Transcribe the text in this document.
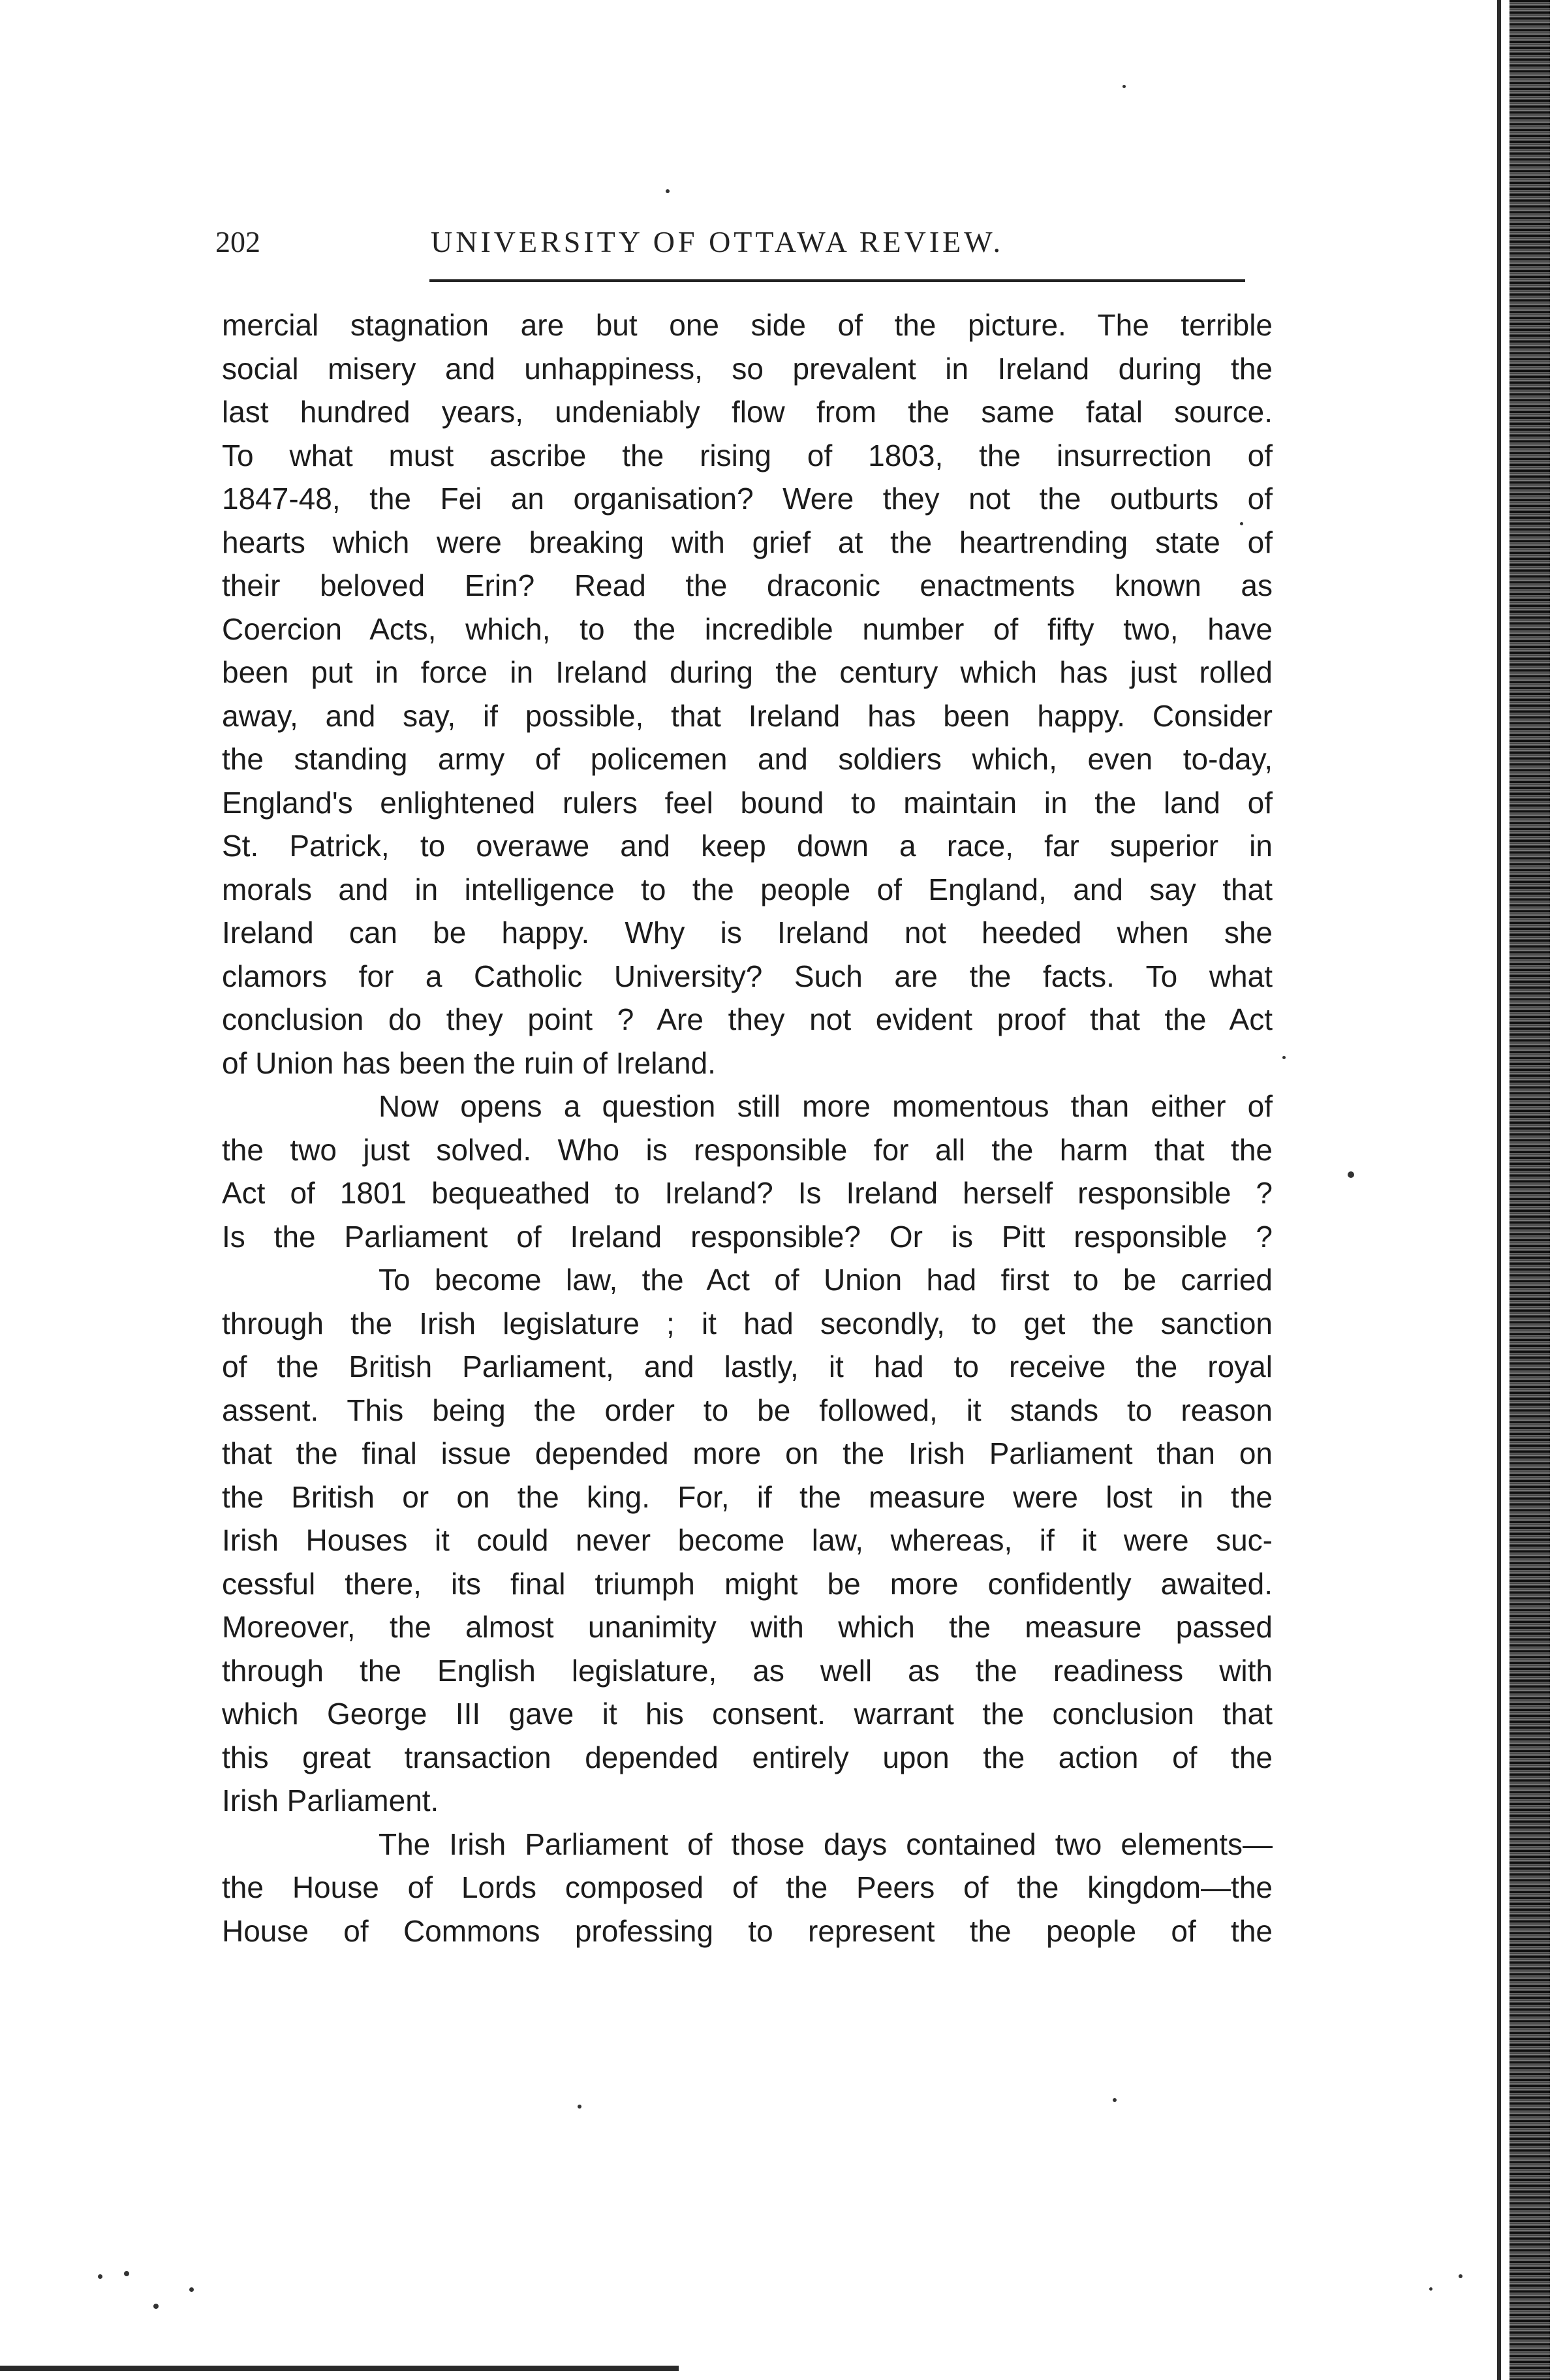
202	UNIVERSITY OF OTTAWA REVIEW.
mercial stagnation are but one side of the picture. The terrible
social misery and unhappiness, so prevalent in Ireland during the
last hundred years, undeniably flow from the same fatal source.
To what must ascribe the rising of 1803, the insurrection of
1847-48, the Fei an organisation? Were they not the outburts of
hearts which were breaking with grief at the heartrending state of
their beloved Erin? Read the draconic enactments known as
Coercion Acts, which, to the incredible number of fifty two, have
been put in force in Ireland during the century which has just rolled
away, and say, if possible, that Ireland has been happy. Consider
the standing army of policemen and soldiers which, even to-day,
England's enlightened rulers feel bound to maintain in the land of
St. Patrick, to overawe and keep down a race, far superior in
morals and in intelligence to the people of England, and say that
Ireland can be happy. Why is Ireland not heeded when she
clamors for a Catholic University? Such are the facts. To what
conclusion do they point ? Are they not evident proof that the Act
of Union has been the ruin of Ireland.
Now opens a question still more momentous than either of
the two just solved. Who is responsible for all the harm that the
Act of 1801 bequeathed to Ireland? Is Ireland herself responsible ?
Is the Parliament of Ireland responsible? Or is Pitt responsible ?
To become law, the Act of Union had first to be carried
through the Irish legislature ; it had secondly, to get the sanction
of the British Parliament, and lastly, it had to receive the royal
assent. This being the order to be followed, it stands to reason
that the final issue depended more on the Irish Parliament than on
the British or on the king. For, if the measure were lost in the
Irish Houses it could never become law, whereas, if it were suc-
cessful there, its final triumph might be more confidently awaited.
Moreover, the almost unanimity with which the measure passed
through the English legislature, as well as the readiness with
which George III gave it his consent. warrant the conclusion that
this great transaction depended entirely upon the action of the
Irish Parliament.
The Irish Parliament of those days contained two elements—
the House of Lords composed of the Peers of the kingdom—the
House of Commons professing to represent the people of the
